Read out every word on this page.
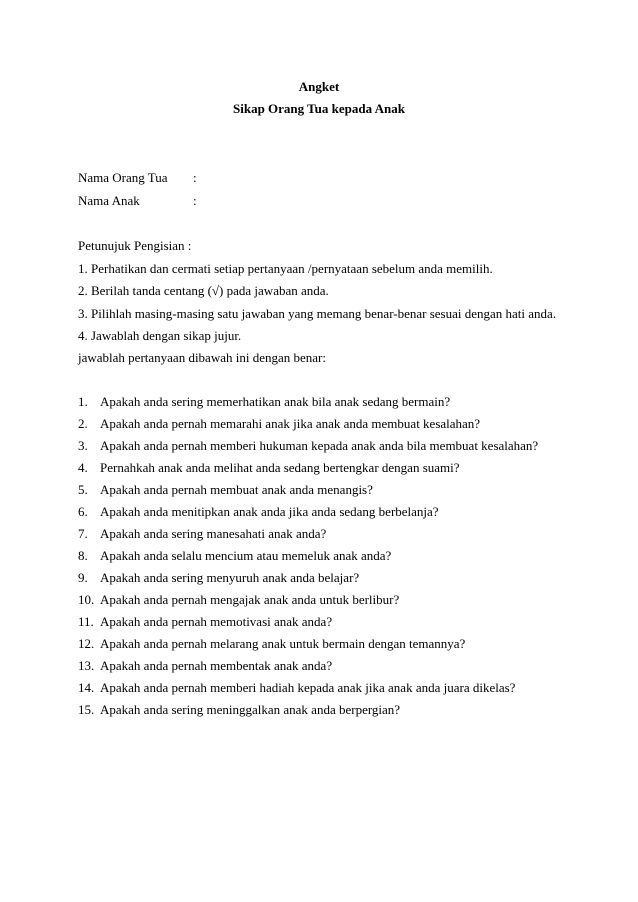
Angket
Sikap Orang Tua kepada Anak
Nama Orang Tua :
Nama Anak	:
Petunujuk Pengisian :
1. Perhatikan dan cermati setiap pertanyaan /pernyataan sebelum anda memilih.
2. Berilah tanda centang (√) pada jawaban anda.
3. Pilihlah masing-masing satu jawaban yang memang benar-benar sesuai dengan hati anda.
4. Jawablah dengan sikap jujur.
jawablah pertanyaan dibawah ini dengan benar:
1. Apakah anda sering memerhatikan anak bila anak sedang bermain?
2. Apakah anda pernah memarahi anak jika anak anda membuat kesalahan?
3. Apakah anda pernah memberi hukuman kepada anak anda bila membuat kesalahan?
4. Pernahkah anak anda melihat anda sedang bertengkar dengan suami?
5. Apakah anda pernah membuat anak anda menangis?
6. Apakah anda menitipkan anak anda jika anda sedang berbelanja?
7. Apakah anda sering manesahati anak anda?
8. Apakah anda selalu mencium atau memeluk anak anda?
9. Apakah anda sering menyuruh anak anda belajar?
10. Apakah anda pernah mengajak anak anda untuk berlibur?
11. Apakah anda pernah memotivasi anak anda?
12. Apakah anda pernah melarang anak untuk bermain dengan temannya?
13. Apakah anda pernah membentak anak anda?
14. Apakah anda pernah memberi hadiah kepada anak jika anak anda juara dikelas?
15. Apakah anda sering meninggalkan anak anda berpergian?
